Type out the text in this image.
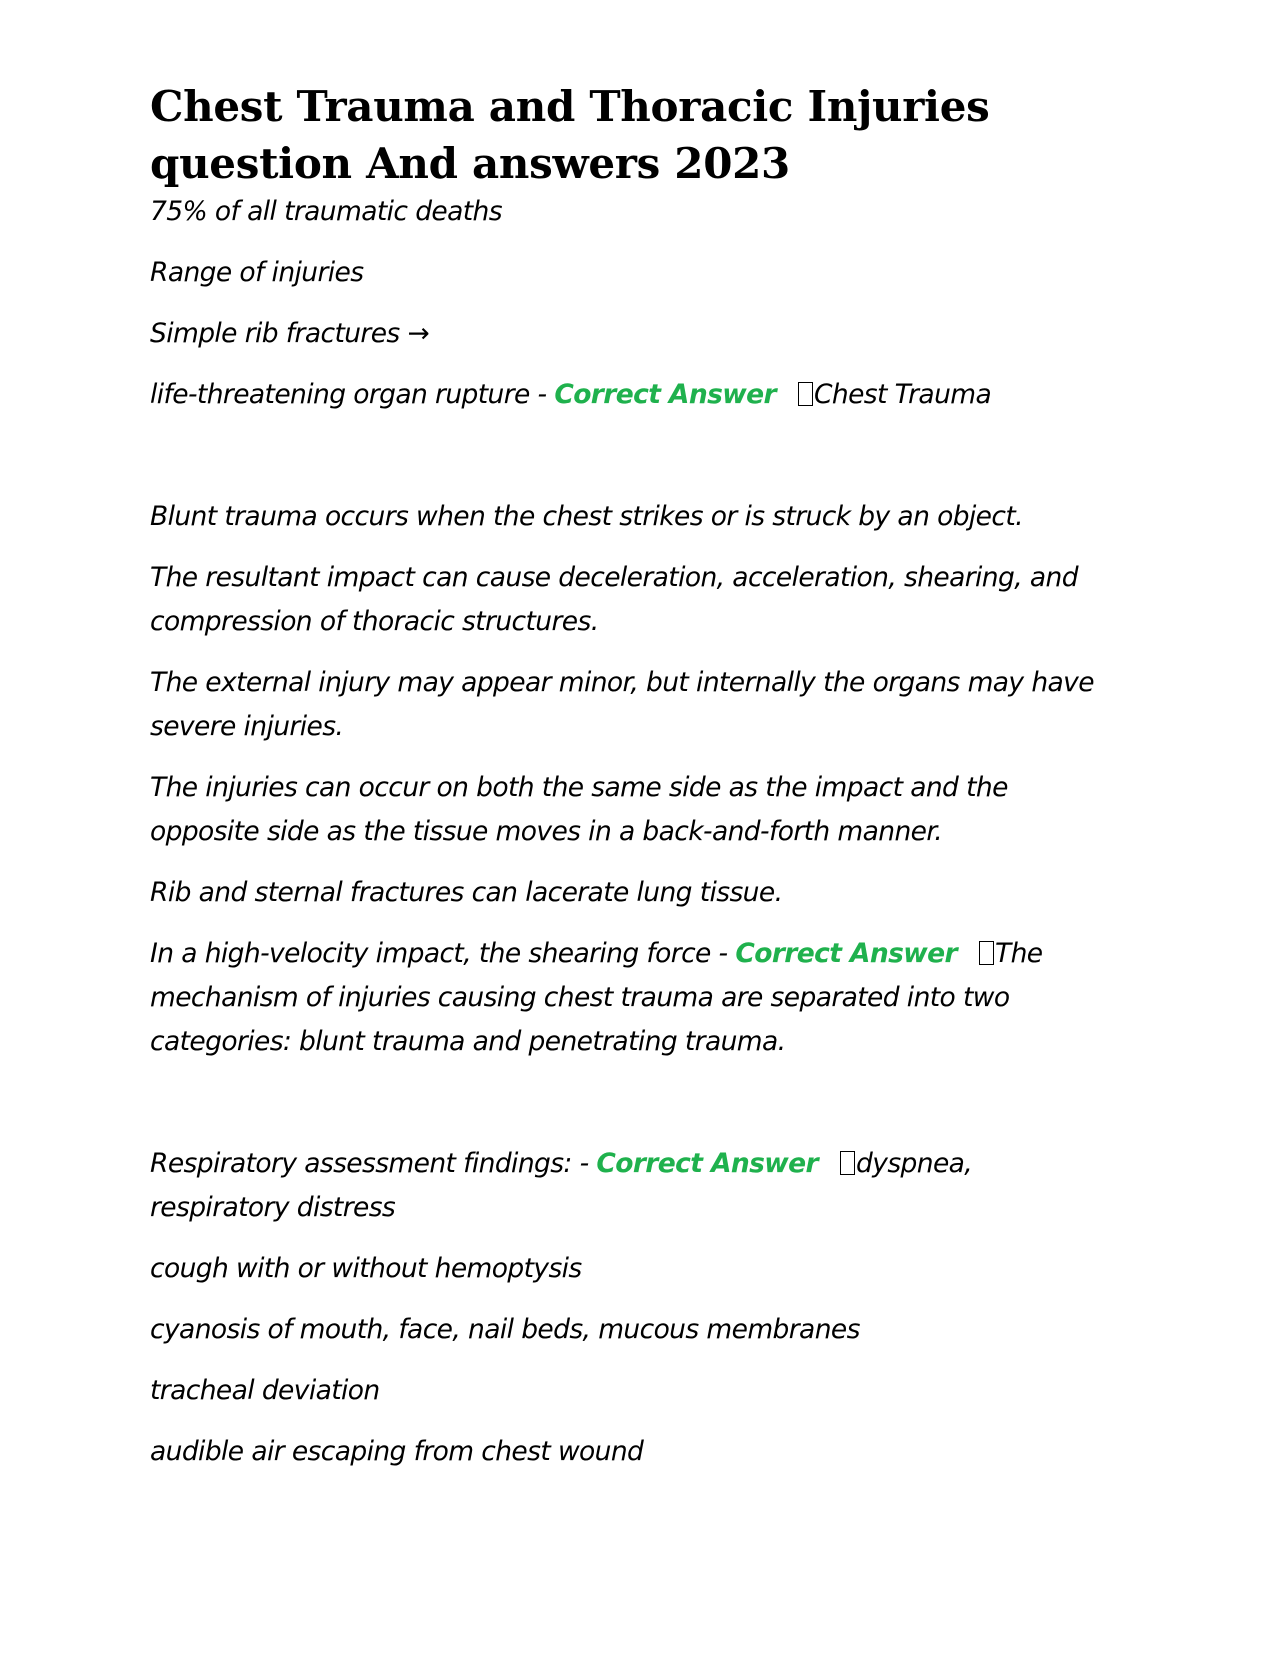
Chest Trauma and Thoracic Injuries question And answers 2023

75% of all traumatic deaths

Range of injuries

Simple rib fractures →

life-threatening organ rupture - Correct Answer Chest Trauma

Blunt trauma occurs when the chest strikes or is struck by an object.

The resultant impact can cause deceleration, acceleration, shearing, and compression of thoracic structures.

The external injury may appear minor, but internally the organs may have severe injuries.

The injuries can occur on both the same side as the impact and the opposite side as the tissue moves in a back-and-forth manner.

Rib and sternal fractures can lacerate lung tissue.

In a high-velocity impact, the shearing force - Correct Answer The mechanism of injuries causing chest trauma are separated into two categories: blunt trauma and penetrating trauma.

Respiratory assessment findings: - Correct Answer dyspnea, respiratory distress

cough with or without hemoptysis

cyanosis of mouth, face, nail beds, mucous membranes

tracheal deviation

audible air escaping from chest wound
